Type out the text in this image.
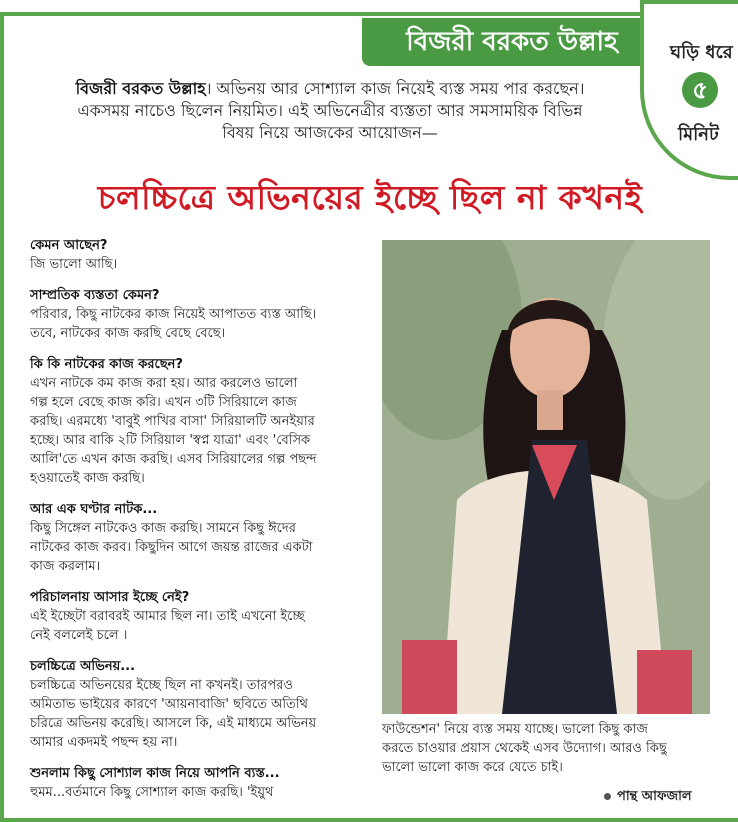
বিজরী বরকত উল্লাহ	ঘড়ি ধরে
৫
মিনিট
বিজরী বরকত উল্লাহ। অভিনয় আর সোশ্যাল কাজ নিয়েই ব্যস্ত সময় পার করছেন।
একসময় নাচেও ছিলেন নিয়মিত। এই অভিনেত্রীর ব্যস্ততা আর সমসাময়িক বিভিন্ন
বিষয় নিয়ে আজকের আয়োজন—
চলচ্চিত্রে অভিনয়ের ইচ্ছে ছিল না কখনই
কেমন আছেন?
জি ভালো আছি।
সাম্প্রতিক ব্যস্ততা কেমন?
পরিবার, কিছু নাটকের কাজ নিয়েই আপাতত ব্যস্ত আছি।
তবে, নাটকের কাজ করছি বেছে বেছে।
কি কি নাটকের কাজ করছেন?
এখন নাটকে কম কাজ করা হয়। আর করলেও ভালো
গল্প হলে বেছে কাজ করি। এখন ৩টি সিরিয়ালে কাজ
করছি। এরমধ্যে 'বাবুই পাখির বাসা' সিরিয়ালটি অনইয়ার
হচ্ছে। আর বাকি ২টি সিরিয়াল 'স্বপ্ন যাত্রা' এবং 'বেসিক
আলি'তে এখন কাজ করছি। এসব সিরিয়ালের গল্প পছন্দ
হওয়াতেই কাজ করছি।
আর এক ঘণ্টার নাটক...
কিছু সিঙ্গেল নাটকেও কাজ করছি। সামনে কিছু ঈদের
নাটকের কাজ করব। কিছুদিন আগে জয়ন্ত রাজের একটা
কাজ করলাম।
পরিচালনায় আসার ইচ্ছে নেই?
এই ইচ্ছেটা বরাবরই আমার ছিল না। তাই এখনো ইচ্ছে
নেই বললেই চলে ।
চলচ্চিত্রে অভিনয়...
চলচ্চিত্রে অভিনয়ের ইচ্ছে ছিল না কখনই। তারপরও
অমিতাভ ভাইয়ের কারণে 'আয়নাবাজি' ছবিতে অতিথি
চরিত্রে অভিনয় করেছি। আসলে কি, এই মাধ্যমে অভিনয়
আমার একদমই পছন্দ হয় না।
শুনলাম কিছু সোশ্যাল কাজ নিয়ে আপনি ব্যস্ত...
হুমম...বর্তমানে কিছু সোশ্যাল কাজ করছি। 'ইয়ুথ
ফাউন্ডেশন' নিয়ে ব্যস্ত সময় যাচ্ছে। ভালো কিছু কাজ
করতে চাওয়ার প্রয়াস থেকেই এসব উদ্যোগ। আরও কিছু
ভালো ভালো কাজ করে যেতে চাই।
পান্থ আফজাল
